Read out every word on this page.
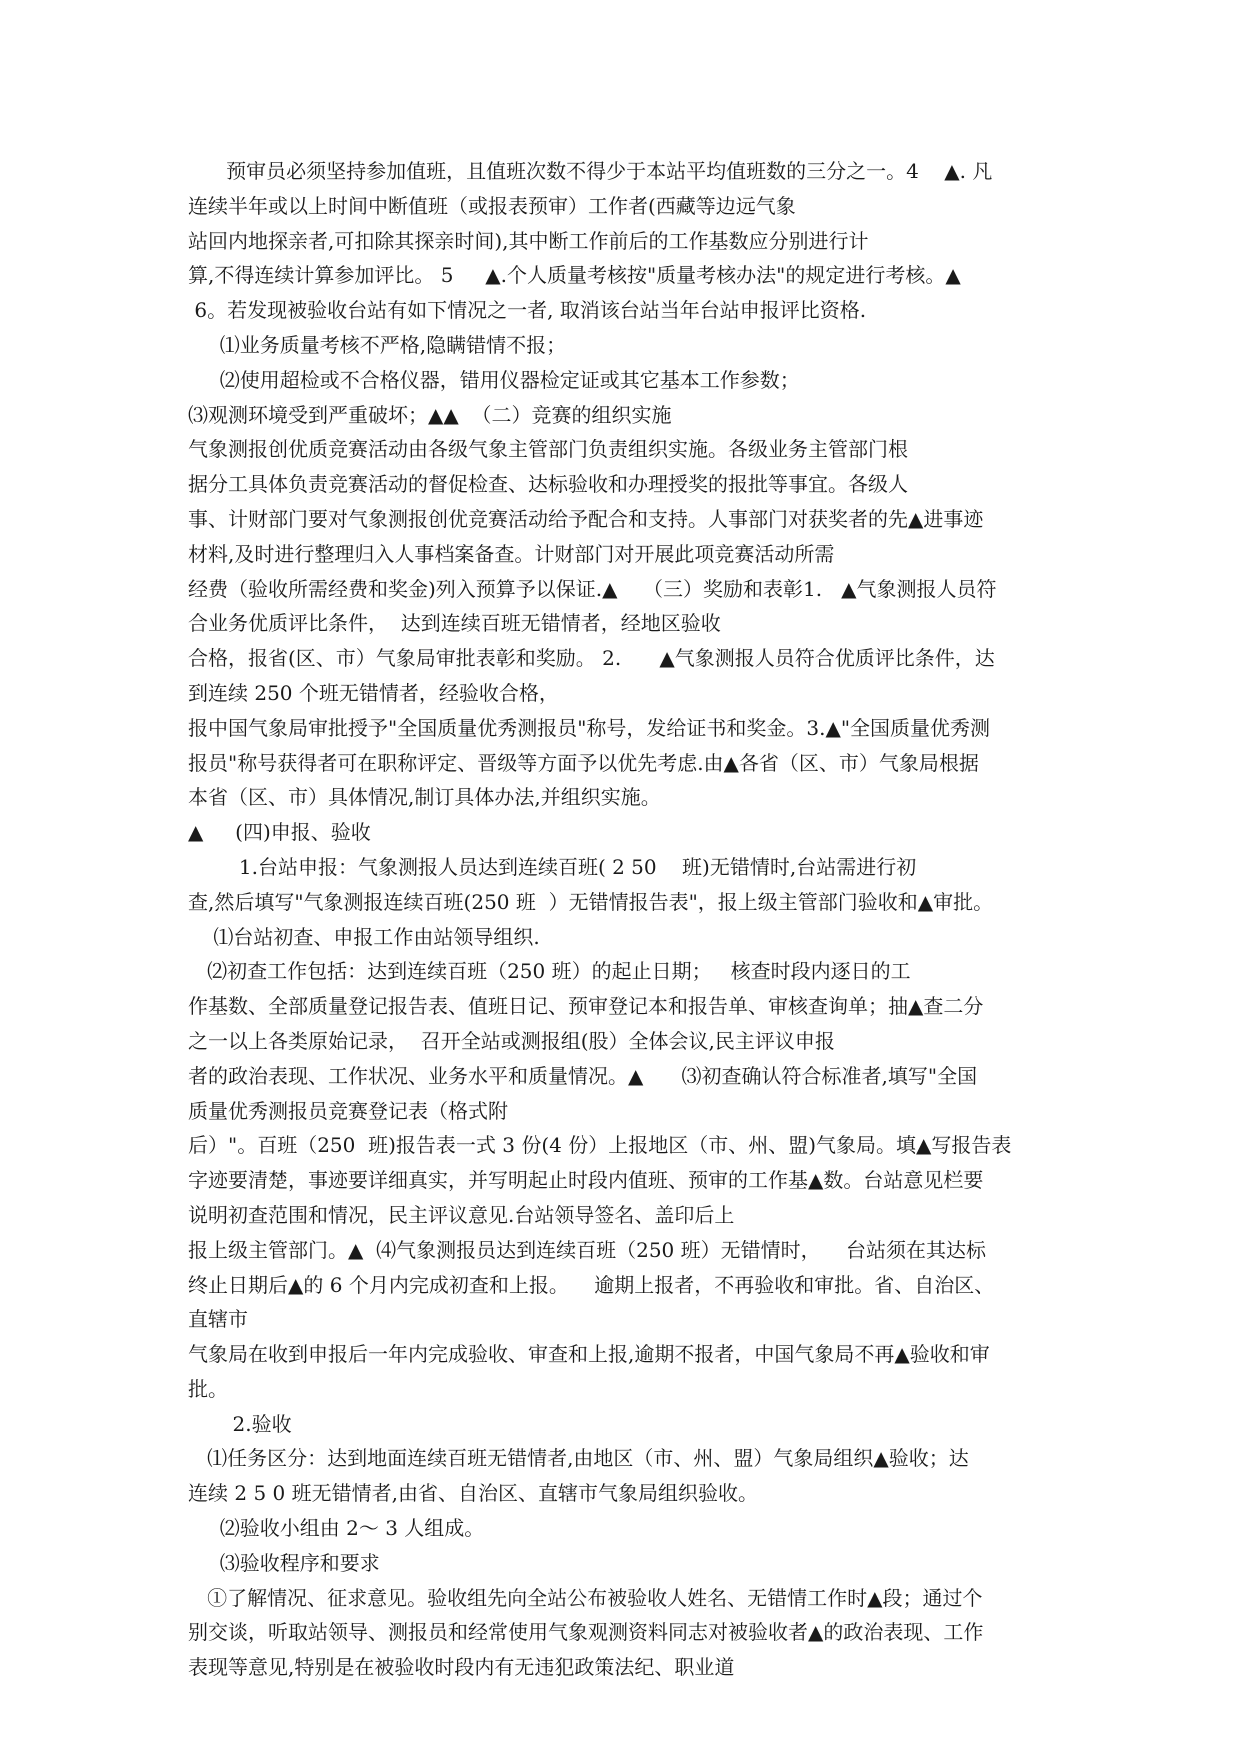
预审员必须坚持参加值班，且值班次数不得少于本站平均值班数的三分之一。4    ▲. 凡
连续半年或以上时间中断值班（或报表预审）工作者(西藏等边远气象
站回内地探亲者,可扣除其探亲时间),其中断工作前后的工作基数应分别进行计
算,不得连续计算参加评比。 5     ▲.个人质量考核按"质量考核办法"的规定进行考核。▲
6。若发现被验收台站有如下情况之一者, 取消该台站当年台站申报评比资格.
⑴业务质量考核不严格,隐瞒错情不报；
⑵使用超检或不合格仪器，错用仪器检定证或其它基本工作参数；
⑶观测环境受到严重破坏；▲▲  （二）竞赛的组织实施
气象测报创优质竞赛活动由各级气象主管部门负责组织实施。各级业务主管部门根
据分工具体负责竞赛活动的督促检查、达标验收和办理授奖的报批等事宜。各级人
事、计财部门要对气象测报创优竞赛活动给予配合和支持。人事部门对获奖者的先▲进事迹
材料,及时进行整理归入人事档案备查。计财部门对开展此项竞赛活动所需
经费（验收所需经费和奖金)列入预算予以保证.▲    （三）奖励和表彰1.   ▲气象测报人员符
合业务优质评比条件，  达到连续百班无错情者，经地区验收
合格，报省(区、市）气象局审批表彰和奖励。 2.      ▲气象测报人员符合优质评比条件，达
到连续 250 个班无错情者，经验收合格，
报中国气象局审批授予"全国质量优秀测报员"称号，发给证书和奖金。3.▲"全国质量优秀测
报员"称号获得者可在职称评定、晋级等方面予以优先考虑.由▲各省（区、市）气象局根据
本省（区、市）具体情况,制订具体办法,并组织实施。
▲     (四)申报、验收
1.台站申报：气象测报人员达到连续百班( 2 50    班)无错情时,台站需进行初
查,然后填写"气象测报连续百班(250 班  ）无错情报告表"，报上级主管部门验收和▲审批。
⑴台站初查、申报工作由站领导组织.
⑵初查工作包括：达到连续百班（250 班）的起止日期；   核查时段内逐日的工
作基数、全部质量登记报告表、值班日记、预审登记本和报告单、审核查询单；抽▲查二分
之一以上各类原始记录，  召开全站或测报组(股）全体会议,民主评议申报
者的政治表现、工作状况、业务水平和质量情况。▲      ⑶初查确认符合标准者,填写"全国
质量优秀测报员竞赛登记表（格式附
后）"。百班（250  班)报告表一式 3 份(4 份）上报地区（市、州、盟)气象局。填▲写报告表
字迹要清楚，事迹要详细真实，并写明起止时段内值班、预审的工作基▲数。台站意见栏要
说明初查范围和情况，民主评议意见.台站领导签名、盖印后上
报上级主管部门。▲  ⑷气象测报员达到连续百班（250 班）无错情时，    台站须在其达标
终止日期后▲的 6 个月内完成初查和上报。    逾期上报者，不再验收和审批。省、自治区、
直辖市
气象局在收到申报后一年内完成验收、审查和上报,逾期不报者，中国气象局不再▲验收和审
批。
2.验收
⑴任务区分：达到地面连续百班无错情者,由地区（市、州、盟）气象局组织▲验收；达
连续 2 5 0 班无错情者,由省、自治区、直辖市气象局组织验收。
⑵验收小组由 2～ 3 人组成。
⑶验收程序和要求
①了解情况、征求意见。验收组先向全站公布被验收人姓名、无错情工作时▲段；通过个
别交谈，听取站领导、测报员和经常使用气象观测资料同志对被验收者▲的政治表现、工作
表现等意见,特别是在被验收时段内有无违犯政策法纪、职业道
